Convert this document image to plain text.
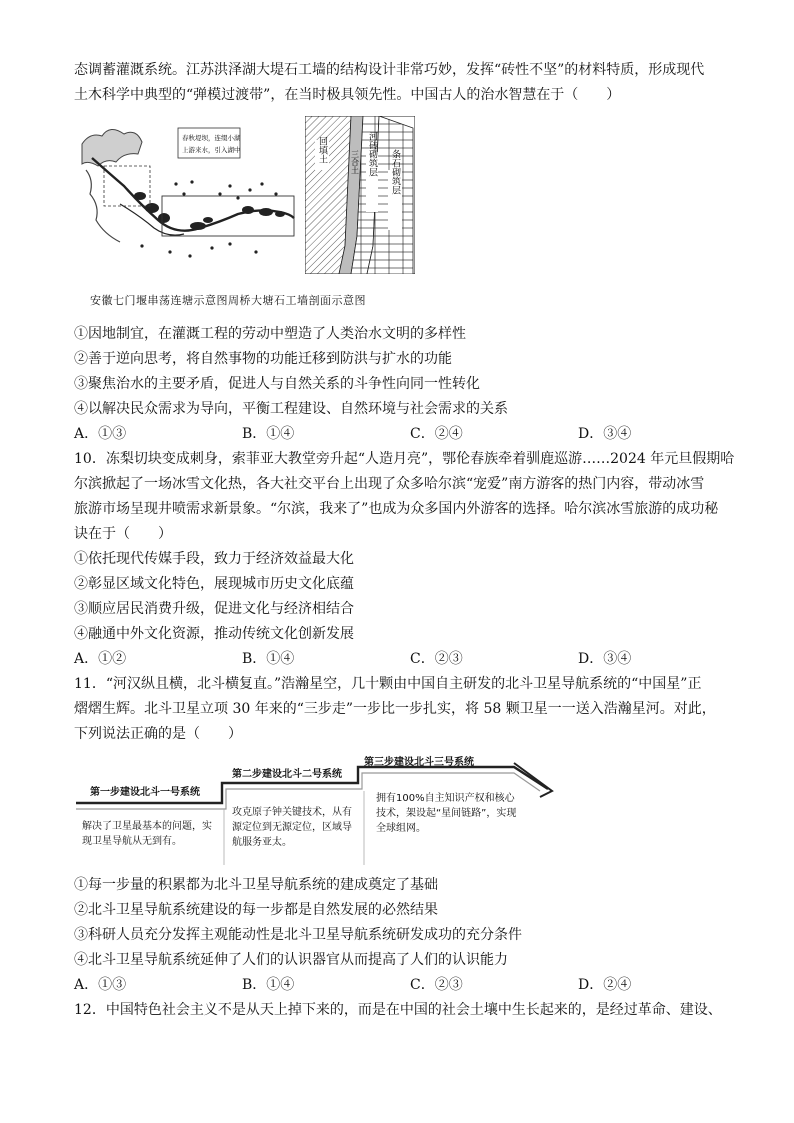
态调蓄灌溉系统。江苏洪泽湖大堤石工墙的结构设计非常巧妙，发挥“砖性不坚”的材料特质，形成现代

土木科学中典型的“弹模过渡带”，在当时极具领先性。中国古人的治水智慧在于（　　）

春秋堤坝，连缀小湖
上游来水，引入湖中	回填土	三合土 河砖砌筑层 条石砌筑层
安徽七门堰串荡连塘示意图周桥大塘石工墙剖面示意图

①因地制宜，在灌溉工程的劳动中塑造了人类治水文明的多样性

②善于逆向思考，将自然事物的功能迁移到防洪与扩水的功能

③聚焦治水的主要矛盾，促进人与自然关系的斗争性向同一性转化

④以解决民众需求为导向，平衡工程建设、自然环境与社会需求的关系

A．①③	B．①④	C．②④	D．③④

10．冻梨切块变成刺身，索菲亚大教堂旁升起“人造月亮”，鄂伦春族牵着驯鹿巡游……2024 年元旦假期哈

尔滨掀起了一场冰雪文化热，各大社交平台上出现了众多哈尔滨“宠爱”南方游客的热门内容，带动冰雪

旅游市场呈现井喷需求新景象。“尔滨，我来了”也成为众多国内外游客的选择。哈尔滨冰雪旅游的成功秘

诀在于（　　）

①依托现代传媒手段，致力于经济效益最大化

②彰显区域文化特色，展现城市历史文化底蕴

③顺应居民消费升级，促进文化与经济相结合

④融通中外文化资源，推动传统文化创新发展

A．①②	B．①④	C．②③	D．③④

11．“河汉纵且横，北斗横复直。”浩瀚星空，几十颗由中国自主研发的北斗卫星导航系统的“中国星”正

熠熠生辉。北斗卫星立项 30 年来的“三步走”一步比一步扎实，将 58 颗卫星一一送入浩瀚星河。对此，

下列说法正确的是（　　）

第一步建设北斗一号系统
第二步建设北斗二号系统
第三步建设北斗三号系统
解决了卫星最基本的问题，实现卫星导航从无到有。
攻克原子钟关键技术，从有源定位到无源定位，区域导航服务亚太。
拥有100%自主知识产权和核心技术，架设起“星间链路”，实现全球组网。

①每一步量的积累都为北斗卫星导航系统的建成奠定了基础

②北斗卫星导航系统建设的每一步都是自然发展的必然结果

③科研人员充分发挥主观能动性是北斗卫星导航系统研发成功的充分条件

④北斗卫星导航系统延伸了人们的认识器官从而提高了人们的认识能力

A．①③	B．①④	C．②③	D．②④

12．中国特色社会主义不是从天上掉下来的，而是在中国的社会土壤中生长起来的，是经过革命、建设、
